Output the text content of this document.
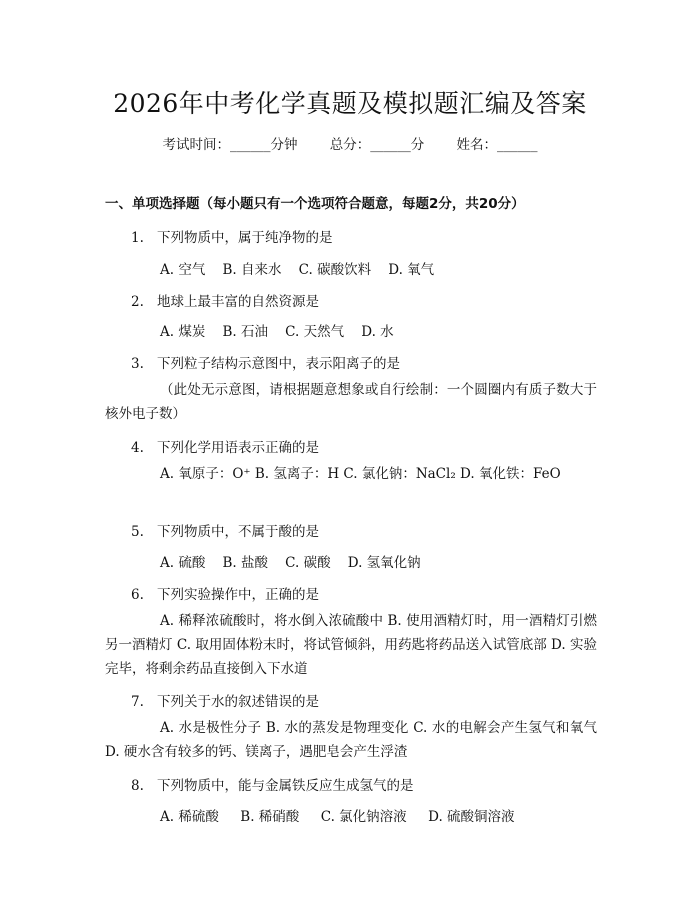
2026年中考化学真题及模拟题汇编及答案
考试时间：______分钟 总分：______分 姓名：______
一、单项选择题（每小题只有一个选项符合题意，每题2分，共20分）
1. 下列物质中，属于纯净物的是
A. 空气    B. 自来水    C. 碳酸饮料    D. 氧气
2. 地球上最丰富的自然资源是
A. 煤炭    B. 石油    C. 天然气    D. 水
3. 下列粒子结构示意图中，表示阳离子的是
（此处无示意图，请根据题意想象或自行绘制：一个圆圈内有质子数大于核外电子数）
4. 下列化学用语表示正确的是
A. 氧原子：O⁺ B. 氢离子：H C. 氯化钠：NaCl₂ D. 氧化铁：FeO
5. 下列物质中，不属于酸的是
A. 硫酸    B. 盐酸    C. 碳酸    D. 氢氧化钠
6. 下列实验操作中，正确的是
A. 稀释浓硫酸时，将水倒入浓硫酸中 B. 使用酒精灯时，用一酒精灯引燃另一酒精灯 C. 取用固体粉末时，将试管倾斜，用药匙将药品送入试管底部 D. 实验完毕，将剩余药品直接倒入下水道
7. 下列关于水的叙述错误的是
A. 水是极性分子 B. 水的蒸发是物理变化 C. 水的电解会产生氢气和氧气 D. 硬水含有较多的钙、镁离子，遇肥皂会产生浮渣
8. 下列物质中，能与金属铁反应生成氢气的是
A. 稀硫酸     B. 稀硝酸     C. 氯化钠溶液     D. 硫酸铜溶液
